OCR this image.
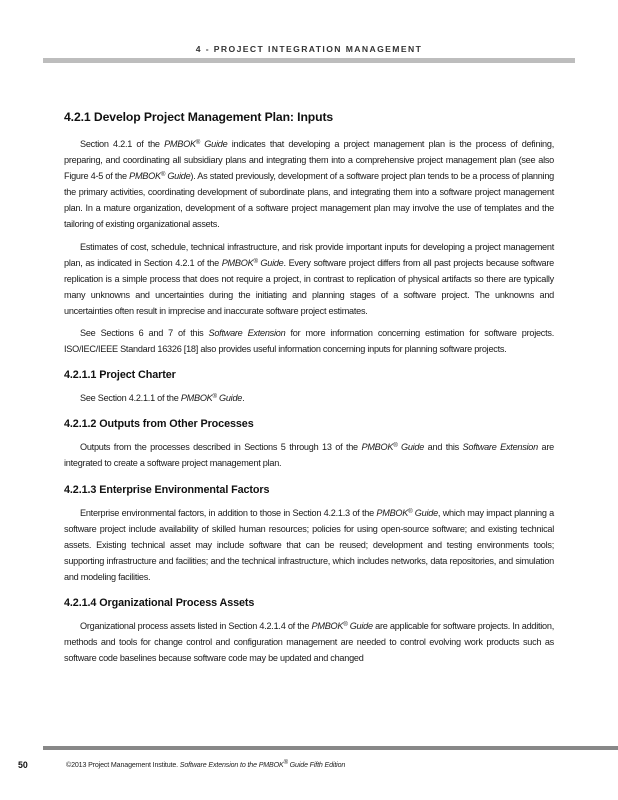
4 - PROJECT INTEGRATION MANAGEMENT
4.2.1 Develop Project Management Plan: Inputs

Section 4.2.1 of the PMBOK® Guide indicates that developing a project management plan is the process of defining, preparing, and coordinating all subsidiary plans and integrating them into a comprehensive project management plan (see also Figure 4-5 of the PMBOK® Guide). As stated previously, development of a software project plan tends to be a process of planning the primary activities, coordinating development of subordinate plans, and integrating them into a software project management plan. In a mature organization, development of a software project management plan may involve the use of templates and the tailoring of existing organizational assets.

Estimates of cost, schedule, technical infrastructure, and risk provide important inputs for developing a project management plan, as indicated in Section 4.2.1 of the PMBOK® Guide. Every software project differs from all past projects because software replication is a simple process that does not require a project, in contrast to replication of physical artifacts so there are typically many unknowns and uncertainties during the initiating and planning stages of a software project. The unknowns and uncertainties often result in imprecise and inaccurate software project estimates.

See Sections 6 and 7 of this Software Extension for more information concerning estimation for software projects. ISO/IEC/IEEE Standard 16326 [18] also provides useful information concerning inputs for planning software projects.

4.2.1.1 Project Charter

See Section 4.2.1.1 of the PMBOK® Guide.

4.2.1.2 Outputs from Other Processes

Outputs from the processes described in Sections 5 through 13 of the PMBOK® Guide and this Software Extension are integrated to create a software project management plan.

4.2.1.3 Enterprise Environmental Factors

Enterprise environmental factors, in addition to those in Section 4.2.1.3 of the PMBOK® Guide, which may impact planning a software project include availability of skilled human resources; policies for using open-source software; and existing technical assets. Existing technical asset may include software that can be reused; development and testing environments tools; supporting infrastructure and facilities; and the technical infrastructure, which includes networks, data repositories, and simulation and modeling facilities.

4.2.1.4 Organizational Process Assets

Organizational process assets listed in Section 4.2.1.4 of the PMBOK® Guide are applicable for software projects. In addition, methods and tools for change control and configuration management are needed to control evolving work products such as software code baselines because software code may be updated and changed

50	©2013 Project Management Institute. Software Extension to the PMBOK® Guide Fifth Edition
